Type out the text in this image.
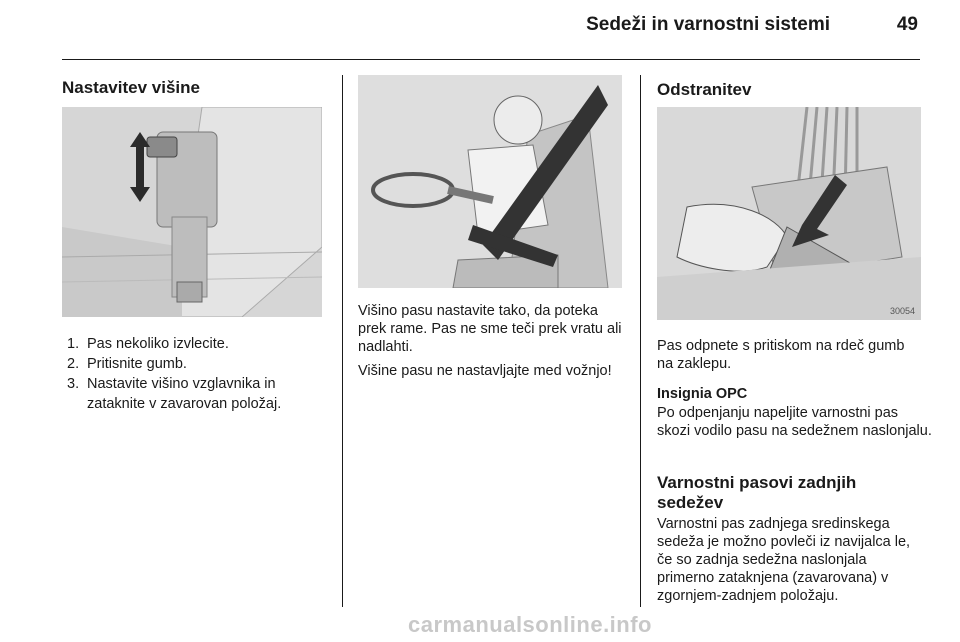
Sedeži in varnostni sistemi	49
Nastavitev višine
1. Pas nekoliko izvlecite.
2. Pritisnite gumb.
3. Nastavite višino vzglavnika in zataknite v zavarovan položaj.

Višino pasu nastavite tako, da poteka prek rame. Pas ne sme teči prek vratu ali nadlahti.

Višine pasu ne nastavljajte med vožnjo!

Odstranitev
30054

Pas odpnete s pritiskom na rdeč gumb na zaklepu.

Insignia OPC

Po odpenjanju napeljite varnostni pas skozi vodilo pasu na sedežnem naslonjalu.

Varnostni pasovi zadnjih sedežev

Varnostni pas zadnjega sredinskega sedeža je možno povleči iz navijalca le, če so zadnja sedežna naslonjala primerno zataknjena (zavarovana) v zgornjem-zadnjem položaju.

carmanualsonline.info
